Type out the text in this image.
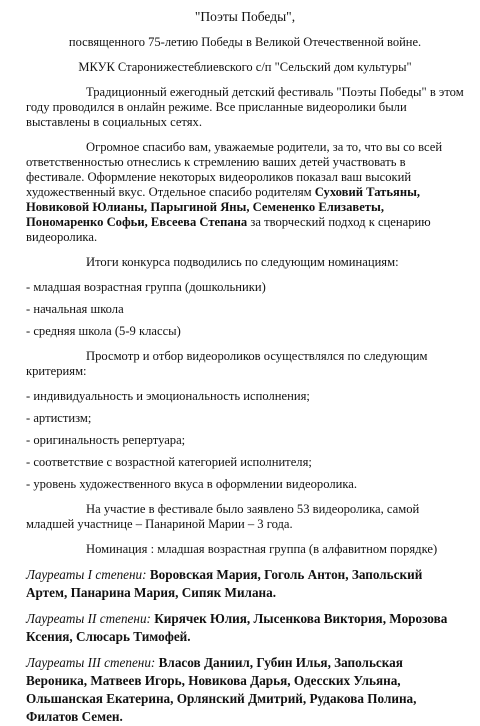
"Поэты Победы",
посвященного 75-летию Победы в Великой Отечественной войне.
МКУК Старонижестеблиевского с/п "Сельский дом культуры"

Традиционный ежегодный детский фестиваль "Поэты Победы" в этом году проводился в онлайн режиме. Все присланные видеоролики были выставлены в социальных сетях.

Огромное спасибо вам, уважаемые родители, за то, что вы со всей ответственностью отнеслись к стремлению ваших детей участвовать в фестивале. Оформление некоторых видеороликов показал ваш высокий художественный вкус. Отдельное спасибо родителям Суховий Татьяны, Новиковой Юлианы, Парыгиной Яны, Семененко Елизаветы, Пономаренко Софьи, Евсеева Степана за творческий подход к сценарию видеоролика.

Итоги конкурса подводились по следующим номинациям:

- младшая возрастная группа (дошкольники)
- начальная школа
- средняя школа (5-9 классы)

Просмотр и отбор видеороликов осуществлялся по следующим критериям:

- индивидуальность и эмоциональность исполнения;
- артистизм;
- оригинальность репертуара;
- соответствие с возрастной категорией исполнителя;
- уровень художественного вкуса в оформлении видеоролика.

На участие в фестивале было заявлено 53 видеоролика, самой младшей участнице – Панариной Марии – 3 года.

Номинация : младшая возрастная группа (в алфавитном порядке)
Лауреаты I степени: Воровская Мария, Гоголь Антон, Запольский Артем, Панарина Мария, Сипяк Милана.
Лауреаты II степени: Кирячек Юлия, Лысенкова Виктория, Морозова Ксения, Слюсарь Тимофей.
Лауреаты III степени: Власов Даниил, Губин Илья, Запольская Вероника, Матвеев Игорь, Новикова Дарья, Одесских Ульяна, Ольшанская Екатерина, Орлянский Дмитрий, Рудакова Полина, Филатов Семен.
